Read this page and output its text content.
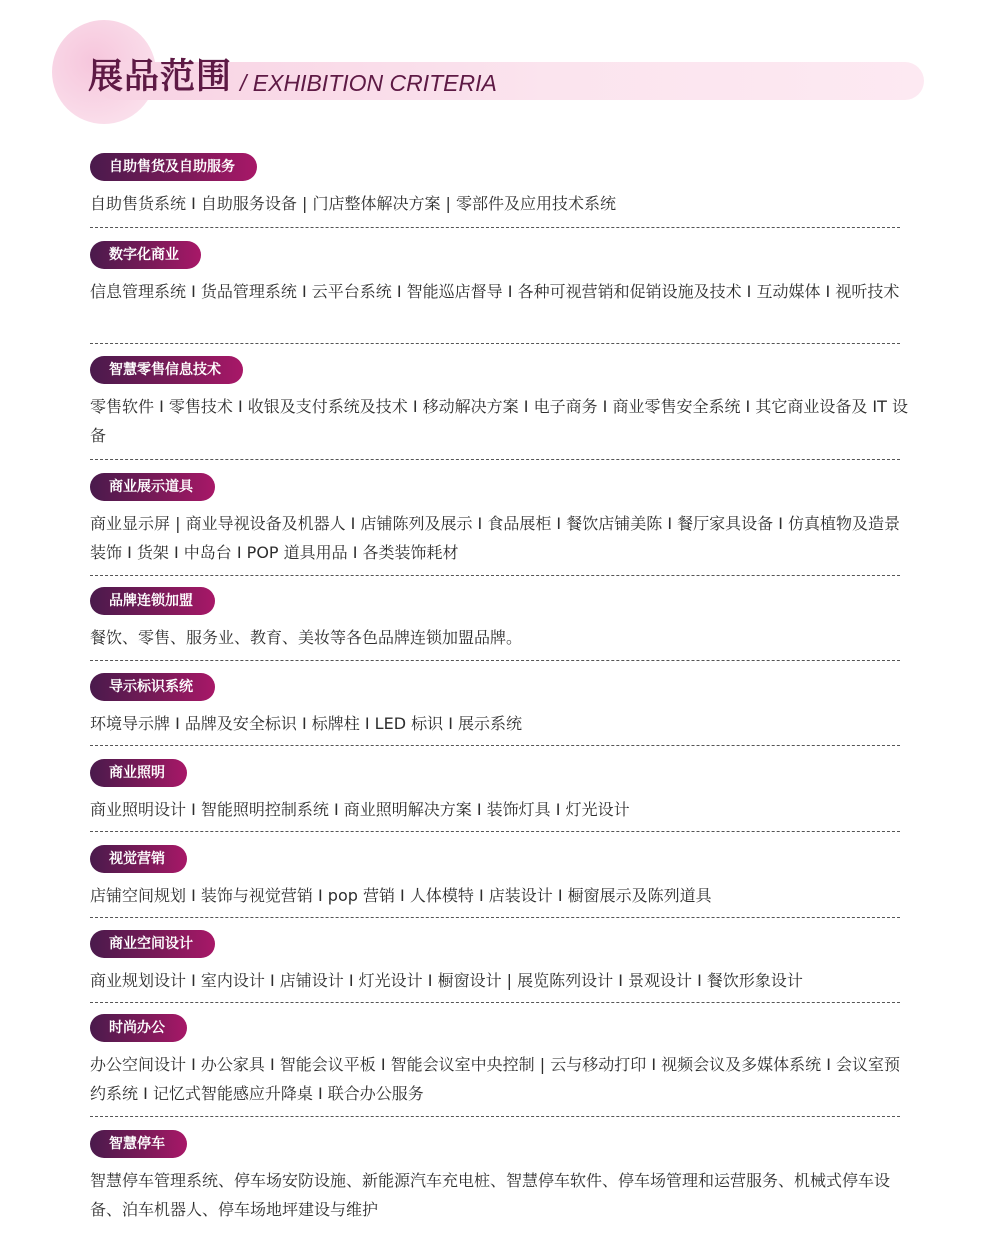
展品范围 / EXHIBITION CRITERIA
自助售货及自助服务

自助售货系统 I 自助服务设备 | 门店整体解决方案 | 零部件及应用技术系统

数字化商业

信息管理系统 I 货品管理系统 I 云平台系统 I 智能巡店督导 I 各种可视营销和促销设施及技术 I 互动媒体 I 视听技术

智慧零售信息技术

零售软件 I 零售技术 I 收银及支付系统及技术 I 移动解决方案 I 电子商务 I 商业零售安全系统 I 其它商业设备及 IT 设备

商业展示道具

商业显示屏 | 商业导视设备及机器人 I 店铺陈列及展示 I 食品展柜 I 餐饮店铺美陈 I 餐厅家具设备 I 仿真植物及造景装饰 I 货架 I 中岛台 I POP 道具用品 I 各类装饰耗材

品牌连锁加盟

餐饮、零售、服务业、教育、美妆等各色品牌连锁加盟品牌。

导示标识系统

环境导示牌 I 品牌及安全标识 I 标牌柱 I LED 标识 I 展示系统

商业照明

商业照明设计 I 智能照明控制系统 I 商业照明解决方案 I 装饰灯具 I 灯光设计

视觉营销

店铺空间规划 I 装饰与视觉营销 I pop 营销 I 人体模特 I 店装设计 I 橱窗展示及陈列道具

商业空间设计

商业规划设计 I 室内设计 I 店铺设计 I 灯光设计 I 橱窗设计 | 展览陈列设计 I 景观设计 I 餐饮形象设计

时尚办公

办公空间设计 I 办公家具 I 智能会议平板 I 智能会议室中央控制 | 云与移动打印 I 视频会议及多媒体系统 I 会议室预约系统 I 记忆式智能感应升降桌 I 联合办公服务

智慧停车

智慧停车管理系统、停车场安防设施、新能源汽车充电桩、智慧停车软件、停车场管理和运营服务、机械式停车设备、泊车机器人、停车场地坪建设与维护
